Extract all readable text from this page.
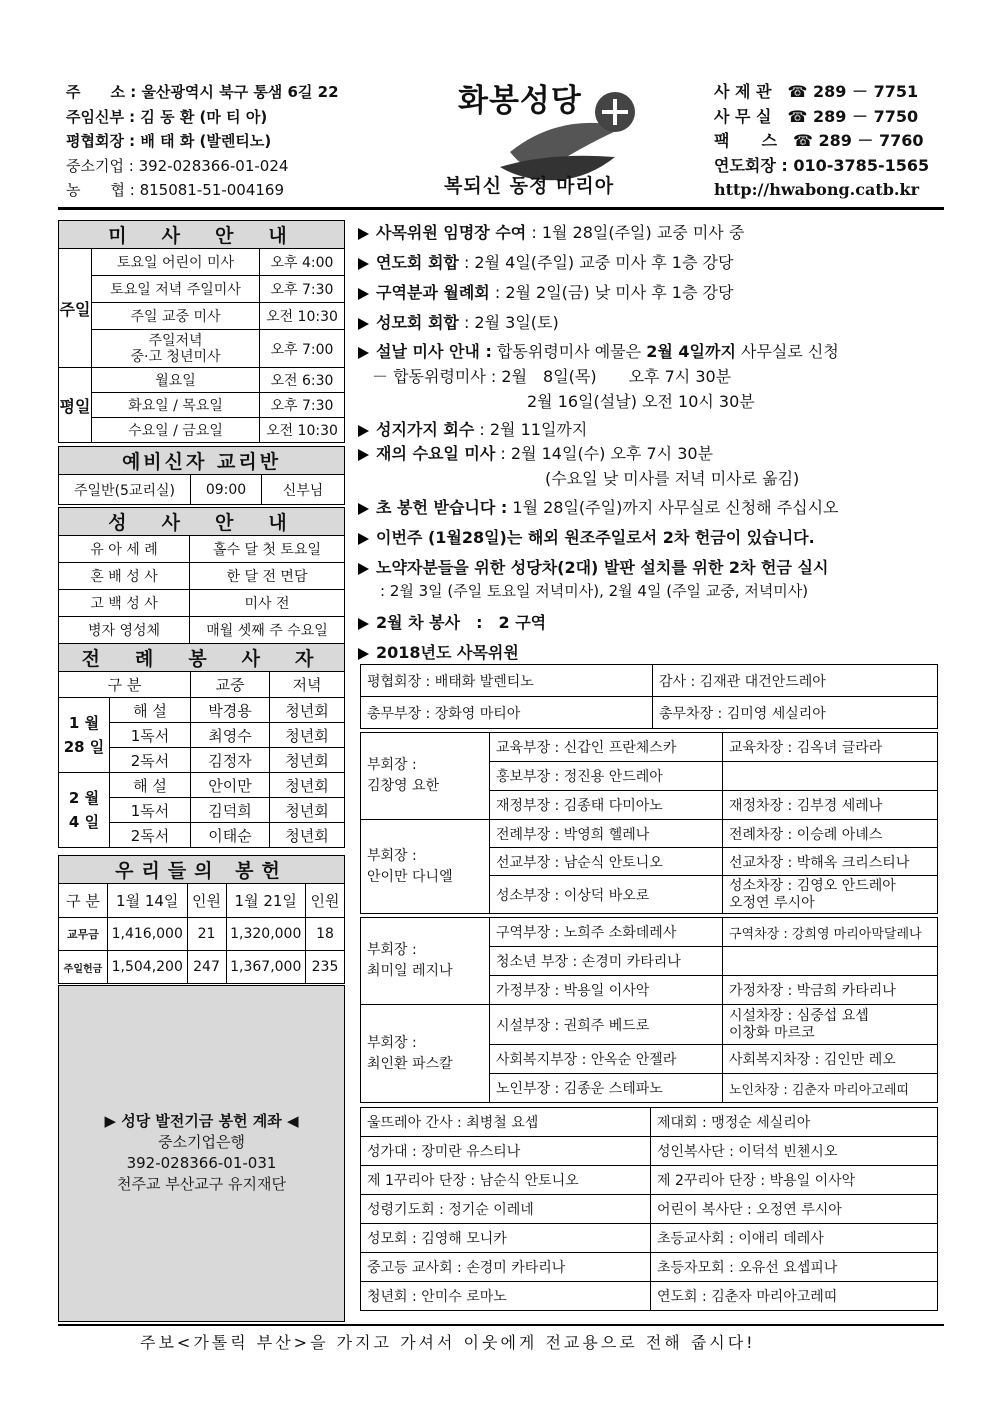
주　　소 : 울산광역시 북구 통샘 6길 22
주임신부 : 김 동 환 (마 티 아)
평협회장 : 배 태 화 (발렌티노)
중소기업 : 392-028366-01-024
농　　협 : 815081-51-004169
화봉성당
복되신 동정 마리아
사 제 관　 ☎ 289 － 7751
사 무 실　 ☎ 289 － 7750
팩　　스　 ☎ 289 － 7760
연도회장 : 010-3785-1565
http://hwabong.catb.kr
미　사　안　내		
주일	토요일 어린이 미사	오후 4:00
	토요일 저녁 주일미사	오후 7:30
	주일 교중 미사	오전 10:30
	주일저녁
중·고 청년미사	오후 7:00
평일	월요일	오전 6:30
	화요일 / 목요일	오후 7:30
	수요일 / 금요일	오전 10:30
예비신자 교리반
주일반(5교리실)	09:00	신부님
성　사　안　내	
유 아 세 례	홀수 달 첫 토요일
혼 배 성 사	한 달 전 면담
고 백 성 사	미사 전
병자 영성체	매월 셋째 주 수요일
전　례　봉　사　자			
구 분		교중	저녁
1 월
28 일	해 설	박경용	청년회
	1독서	최영수	청년회
	2독서	김정자	청년회
2 월
4 일	해 설	안이만	청년회
	1독서	김덕희	청년회
	2독서	이태순	청년회
우리들의 봉헌				
구 분	1월 14일	인원	1월 21일	인원
교무금	1,416,000	21	1,320,000	18
주일헌금	1,504,200	247	1,367,000	235
▶ 성당 발전기금 봉헌 계좌 ◀
중소기업은행
392-028366-01-031
천주교 부산교구 유지재단
사목위원 임명장 수여 : 1월 28일(주일) 교중 미사 중
연도회 회합 : 2월 4일(주일) 교중 미사 후 1층 강당
구역분과 월례회 : 2월 2일(금) 낮 미사 후 1층 강당
성모회 회합 : 2월 3일(토)
설날 미사 안내 : 합동위령미사 예물은 2월 4일까지 사무실로 신청
－ 합동위령미사 : 2월　8일(목)　　오후 7시 30분
2월 16일(설날) 오전 10시 30분
성지가지 회수 : 2월 11일까지
재의 수요일 미사 : 2월 14일(수) 오후 7시 30분
(수요일 낮 미사를 저녁 미사로 옮김)
초 봉헌 받습니다 : 1월 28일(주일)까지 사무실로 신청해 주십시오
이번주 (1월28일)는 해외 원조주일로서 2차 헌금이 있습니다.
노약자분들을 위한 성당차(2대) 발판 설치를 위한 2차 헌금 실시
: 2월 3일 (주일 토요일 저녁미사), 2월 4일 (주일 교중, 저녁미사)
2월 차 봉사　:　2 구역
2018년도 사목위원
평협회장 : 배태화 발렌티노	감사 : 김재관 대건안드레아
총무부장 : 장화영 마티아	총무차장 : 김미영 세실리아
부회장 :
김창영 요한	교육부장 : 신갑인 프란체스카	교육차장 : 김옥녀 글라라
	홍보부장 : 정진용 안드레아	
	재정부장 : 김종태 다미아노	재정차장 : 김부경 세레나
부회장 :
안이만 다니엘	전례부장 : 박영희 헬레나	전례차장 : 이승례 아녜스
	선교부장 : 남순식 안토니오	선교차장 : 박해옥 크리스티나
	성소부장 : 이상덕 바오로	성소차장 : 김영오 안드레아
오정연 루시아
부회장 :
최미일 레지나	구역부장 : 노희주 소화데레사	구역차장 : 강희영 마리아막달레나
	청소년 부장 : 손경미 카타리나	
	가정부장 : 박용일 이사악	가정차장 : 박금희 카타리나
부회장 :
최인환 파스칼	시설부장 : 권희주 베드로	시설차장 : 심중섭 요셉
이창화 마르코
	사회복지부장 : 안옥순 안젤라	사회복지차장 : 김인만 레오
	노인부장 : 김종운 스테파노	노인차장 : 김춘자 마리아고레띠
울뜨레아 간사 : 최병철 요셉	제대회 : 맹정순 세실리아
성가대 : 장미란 유스티나	성인복사단 : 이덕석 빈첸시오
제 1꾸리아 단장 : 남순식 안토니오	제 2꾸리아 단장 : 박용일 이사악
성령기도회 : 정기순 이레네	어린이 복사단 : 오정연 루시아
성모회 : 김영해 모니카	초등교사회 : 이애리 데레사
중고등 교사회 : 손경미 카타리나	초등자모회 : 오유선 요셉피나
청년회 : 안미수 로마노	연도회 : 김춘자 마리아고레띠
주보<가톨릭 부산>을 가지고 가셔서 이웃에게 전교용으로 전해 줍시다!
